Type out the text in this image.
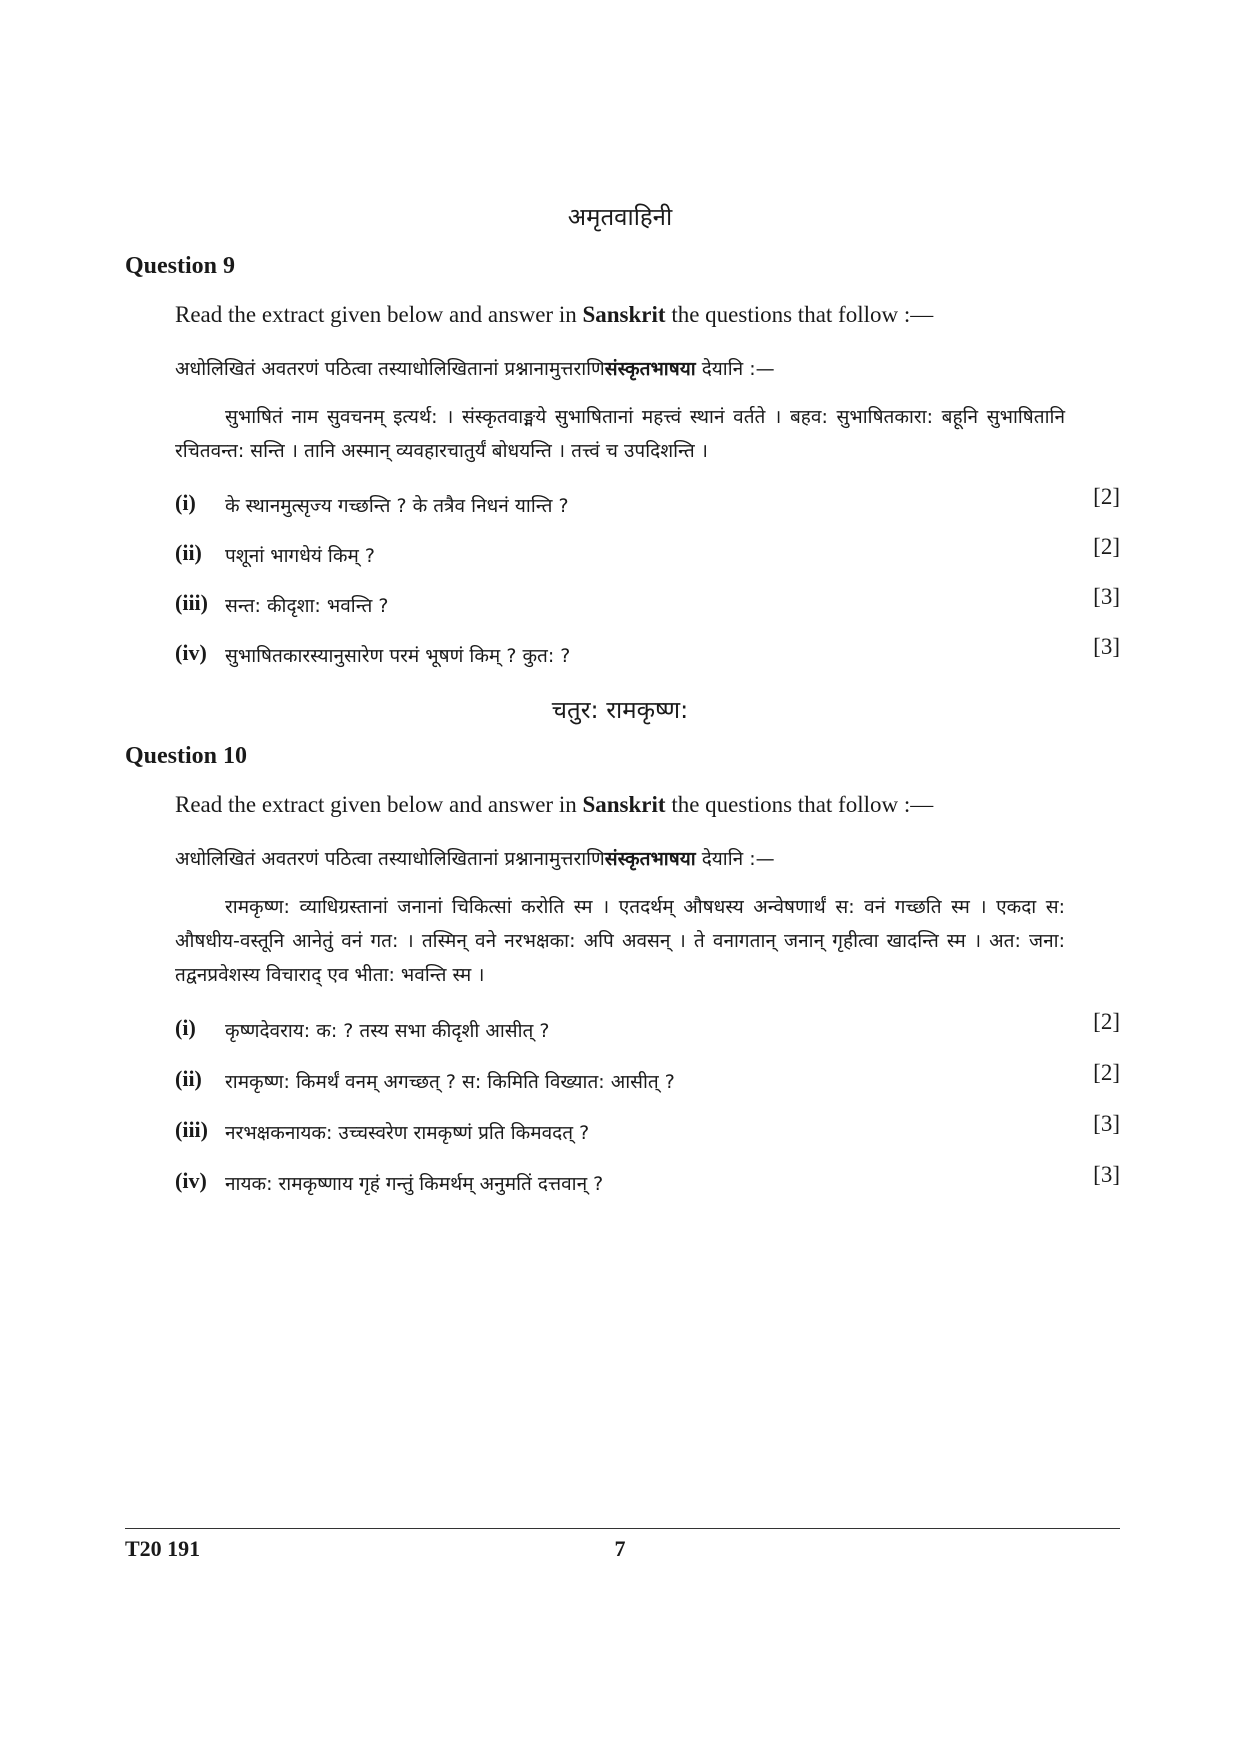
अमृतवाहिनी
Question 9
Read the extract given below and answer in Sanskrit the questions that follow :—
अधोलिखितं अवतरणं पठित्वा तस्याधोलिखितानां प्रश्नानामुत्तराणिसंस्कृतभाषया देयानि :—
सुभाषितं नाम सुवचनम् इत्यर्थ: । संस्कृतवाङ्मये सुभाषितानां महत्त्वं स्थानं वर्तते । बहव: सुभाषितकारा: बहूनि सुभाषितानि रचितवन्त: सन्ति । तानि अस्मान् व्यवहारचातुर्यं बोधयन्ति । तत्त्वं च उपदिशन्ति ।
(i) के स्थानमुत्सृज्य गच्छन्ति ? के तत्रैव निधनं यान्ति ?	[2]
(ii) पशूनां भागधेयं किम् ?	[2]
(iii) सन्त: कीदृशा: भवन्ति ?	[3]
(iv) सुभाषितकारस्यानुसारेण परमं भूषणं किम् ? कुत: ?	[3]
चतुर: रामकृष्ण:
Question 10
Read the extract given below and answer in Sanskrit the questions that follow :—
अधोलिखितं अवतरणं पठित्वा तस्याधोलिखितानां प्रश्नानामुत्तराणिसंस्कृतभाषया देयानि :—
रामकृष्ण: व्याधिग्रस्तानां जनानां चिकित्सां करोति स्म । एतदर्थम् औषधस्य अन्वेषणार्थं स: वनं गच्छति स्म । एकदा स: औषधीय-वस्तूनि आनेतुं वनं गत: । तस्मिन् वने नरभक्षका: अपि अवसन् । ते वनागतान् जनान् गृहीत्वा खादन्ति स्म । अत: जना: तद्वनप्रवेशस्य विचाराद् एव भीता: भवन्ति स्म ।
(i) कृष्णदेवराय: क: ? तस्य सभा कीदृशी आसीत् ?	[2]
(ii) रामकृष्ण: किमर्थं वनम् अगच्छत् ? स: किमिति विख्यात: आसीत् ?	[2]
(iii) नरभक्षकनायक: उच्चस्वरेण रामकृष्णं प्रति किमवदत् ?	[3]
(iv) नायक: रामकृष्णाय गृहं गन्तुं किमर्थम् अनुमतिं दत्तवान् ?	[3]
T20 191	7
